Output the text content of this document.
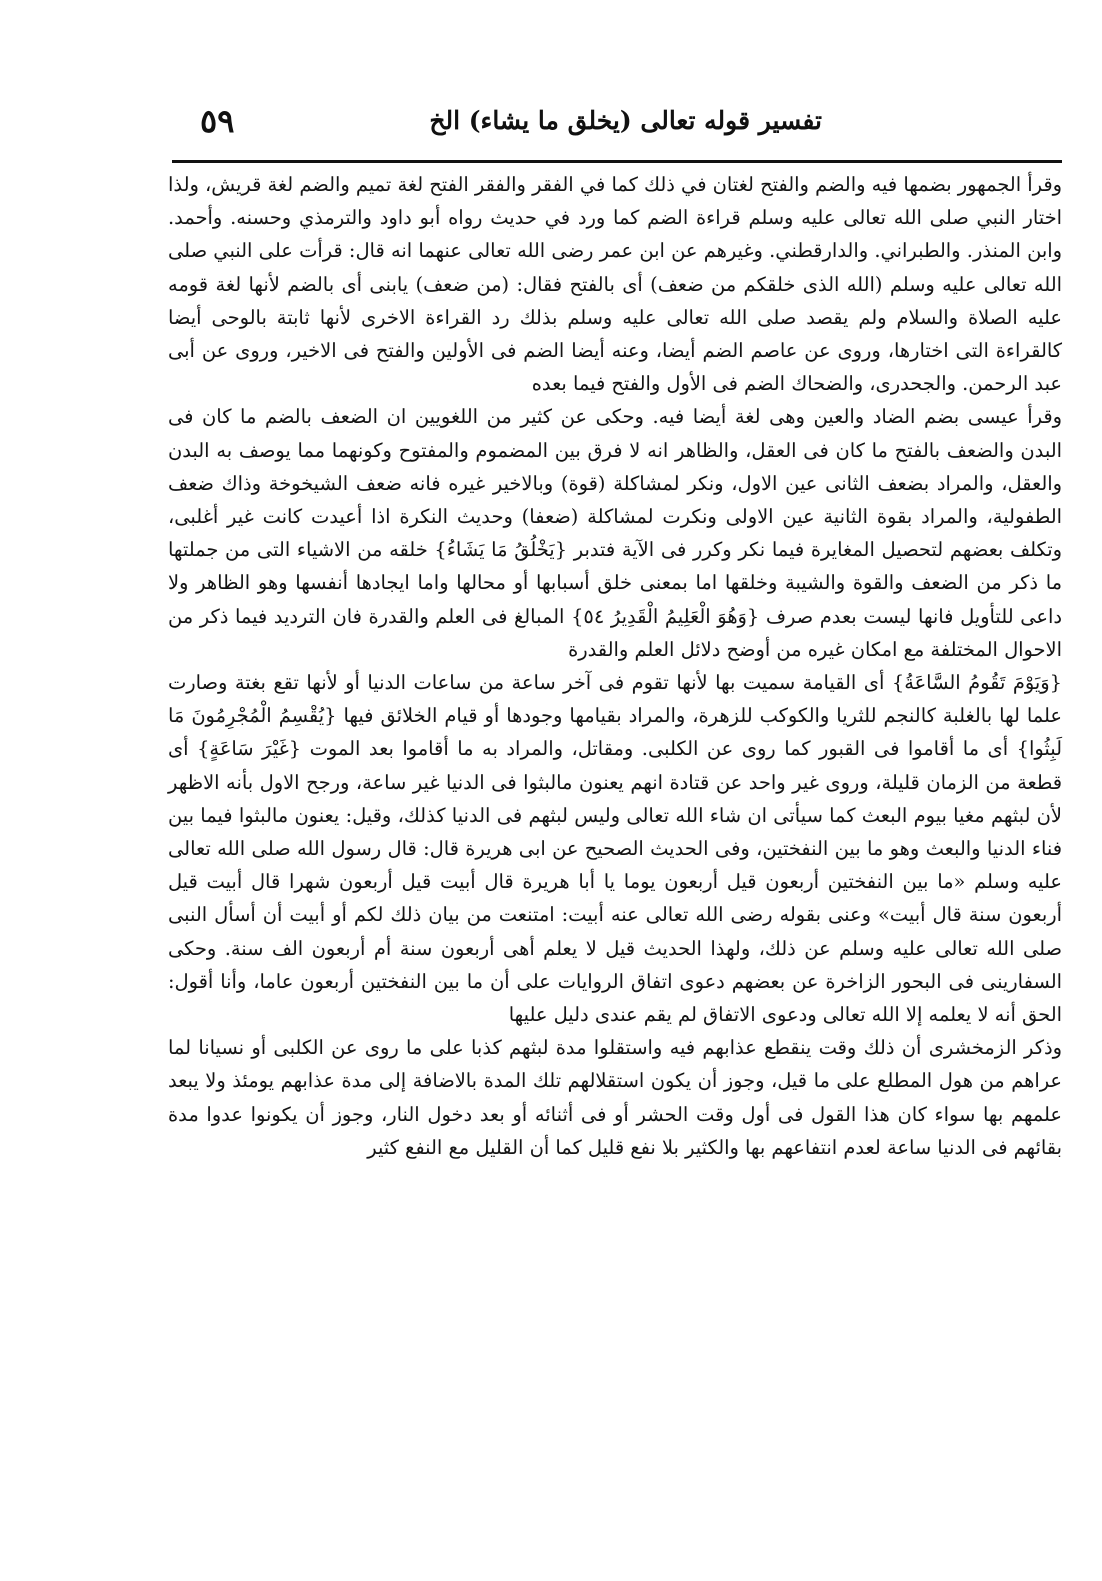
تفسير قوله تعالى (يخلق ما يشاء) الخ
٥٩

وقرأ الجمهور بضمها فيه والضم والفتح لغتان في ذلك كما في الفقر والفقر الفتح لغة تميم والضم لغة قريش، ولذا اختار النبي صلى الله تعالى عليه وسلم قراءة الضم كما ورد في حديث رواه أبو داود والترمذي وحسنه. وأحمد. وابن المنذر. والطبراني. والدارقطني. وغيرهم عن ابن عمر رضى الله تعالى عنهما انه قال: قرأت على النبي صلى الله تعالى عليه وسلم (الله الذى خلقكم من ضعف) أى بالفتح فقال: (من ضعف) يابنى أى بالضم لأنها لغة قومه عليه الصلاة والسلام ولم يقصد صلى الله تعالى عليه وسلم بذلك رد القراءة الاخرى لأنها ثابتة بالوحى أيضا كالقراءة التى اختارها، وروى عن عاصم الضم أيضا، وعنه أيضا الضم فى الأولين والفتح فى الاخير، وروى عن أبى عبد الرحمن. والجحدرى، والضحاك الضم فى الأول والفتح فيما بعده

وقرأ عيسى بضم الضاد والعين وهى لغة أيضا فيه. وحكى عن كثير من اللغويين ان الضعف بالضم ما كان فى البدن والضعف بالفتح ما كان فى العقل، والظاهر انه لا فرق بين المضموم والمفتوح وكونهما مما يوصف به البدن والعقل، والمراد بضعف الثانى عين الاول، ونكر لمشاكلة (قوة) وبالاخير غيره فانه ضعف الشيخوخة وذاك ضعف الطفولية، والمراد بقوة الثانية عين الاولى ونكرت لمشاكلة (ضعفا) وحديث النكرة اذا أعيدت كانت غير أغلبى، وتكلف بعضهم لتحصيل المغايرة فيما نكر وكرر فى الآية فتدبر {يَخْلُقُ مَا يَشَاءُ} خلقه من الاشياء التى من جملتها ما ذكر من الضعف والقوة والشيبة وخلقها اما بمعنى خلق أسبابها أو محالها واما ايجادها أنفسها وهو الظاهر ولا داعى للتأويل فانها ليست بعدم صرف {وَهُوَ الْعَلِيمُ الْقَدِيرُ ٥٤} المبالغ فى العلم والقدرة فان الترديد فيما ذكر من الاحوال المختلفة مع امكان غيره من أوضح دلائل العلم والقدرة

{وَيَوْمَ تَقُومُ السَّاعَةُ} أى القيامة سميت بها لأنها تقوم فى آخر ساعة من ساعات الدنيا أو لأنها تقع بغتة وصارت علما لها بالغلبة كالنجم للثريا والكوكب للزهرة، والمراد بقيامها وجودها أو قيام الخلائق فيها {يُقْسِمُ الْمُجْرِمُونَ مَا لَبِثُوا} أى ما أقاموا فى القبور كما روى عن الكلبى. ومقاتل، والمراد به ما أقاموا بعد الموت {غَيْرَ سَاعَةٍ} أى قطعة من الزمان قليلة، وروى غير واحد عن قتادة انهم يعنون مالبثوا فى الدنيا غير ساعة، ورجح الاول بأنه الاظهر لأن لبثهم مغيا بيوم البعث كما سيأتى ان شاء الله تعالى وليس لبثهم فى الدنيا كذلك، وقيل: يعنون مالبثوا فيما بين فناء الدنيا والبعث وهو ما بين النفختين، وفى الحديث الصحيح عن ابى هريرة قال: قال رسول الله صلى الله تعالى عليه وسلم «ما بين النفختين أربعون قيل أربعون يوما يا أبا هريرة قال أبيت قيل أربعون شهرا قال أبيت قيل أربعون سنة قال أبيت» وعنى بقوله رضى الله تعالى عنه أبيت: امتنعت من بيان ذلك لكم أو أبيت أن أسأل النبى صلى الله تعالى عليه وسلم عن ذلك، ولهذا الحديث قيل لا يعلم أهى أربعون سنة أم أربعون الف سنة. وحكى السفارينى فى البحور الزاخرة عن بعضهم دعوى اتفاق الروايات على أن ما بين النفختين أربعون عاما، وأنا أقول: الحق أنه لا يعلمه إلا الله تعالى ودعوى الاتفاق لم يقم عندى دليل عليها

وذكر الزمخشرى أن ذلك وقت ينقطع عذابهم فيه واستقلوا مدة لبثهم كذبا على ما روى عن الكلبى أو نسيانا لما عراهم من هول المطلع على ما قيل، وجوز أن يكون استقلالهم تلك المدة بالاضافة إلى مدة عذابهم يومئذ ولا يبعد علمهم بها سواء كان هذا القول فى أول وقت الحشر أو فى أثنائه أو بعد دخول النار، وجوز أن يكونوا عدوا مدة بقائهم فى الدنيا ساعة لعدم انتفاعهم بها والكثير بلا نفع قليل كما أن القليل مع النفع كثير
